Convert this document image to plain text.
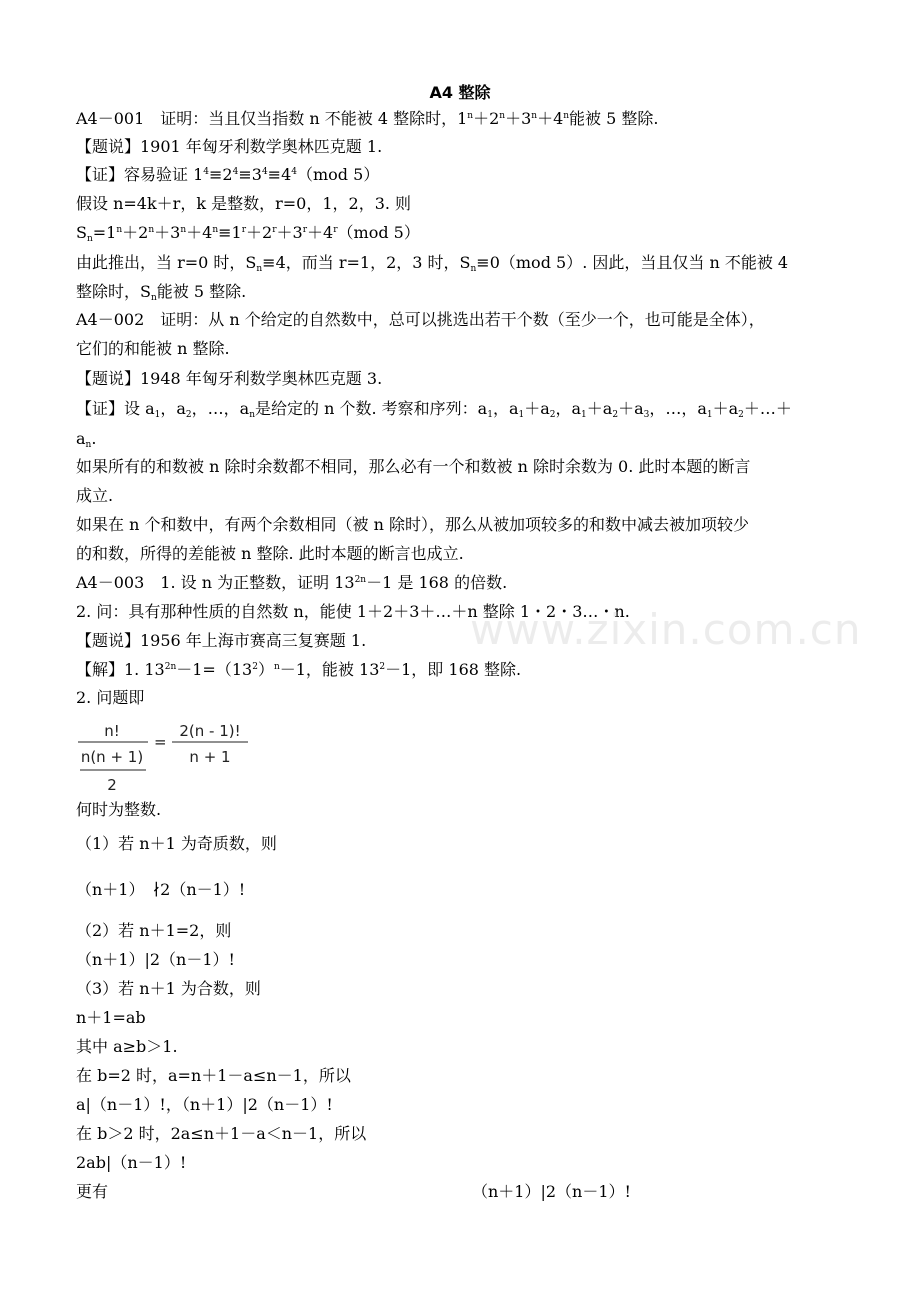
A4 整除
A4－001　证明：当且仅当指数 n 不能被 4 整除时，$1^n+2^n+3^n+4^n$能被 5 整除.
【题说】1901 年匈牙利数学奥林匹克题 1.
【证】容易验证 $1^4\equiv 2^4\equiv 3^4\equiv 4^4(mod$ 5）
假设 n=4k＋r，k 是整数，r=0，1，2，3. 则
$S_n=1^n+2^n+3^n+4^n\equiv 1^r+2^r+3^r+4^r(mod$ 5）
由此推出，当 r=0 时，$S_n\equiv 4$，而当 r=1，2，3 时，$S_n\equiv 0(mod$ 5）. 因此，当且仅当 n 不能被 4
整除时，$S_n$能被 5 整除.
A4－002　证明：从 n 个给定的自然数中，总可以挑选出若干个数（至少一个，也可能是全体），
它们的和能被 n 整除.
【题说】1948 年匈牙利数学奥林匹克题 3.
【证】设 $a_1$，$a_2$，…，$a_n$是给定的 n 个数. 考察和序列：$a_1$，$a_1+a_2$，$a_1+a_2+a_3$，…，$a_1+a_2+\dots+$
$a_n$.
如果所有的和数被 n 除时余数都不相同，那么必有一个和数被 n 除时余数为 0. 此时本题的断言
成立.
如果在 n 个和数中，有两个余数相同（被 n 除时），那么从被加项较多的和数中减去被加项较少
的和数，所得的差能被 n 整除. 此时本题的断言也成立.
A4－003　1. 设 n 为正整数，证明 $13^{2n}-1$ 是 168 的倍数.
2. 问：具有那种性质的自然数 n，能使 1＋2＋3＋…＋n 整除 1・2・3…・n.
【题说】1956 年上海市赛高三复赛题 1.
【解】1. $13^{2n}-1=(13^2)^n-1$，能被 $13^2-1$，即 168 整除.
2. 问题即
何时为整数.
（1）若 n＋1 为奇质数，则
（n＋1）　∤2（n－1）!
（2）若 n＋1=2，则
（n＋1）|2（n－1）!
（3）若 n＋1 为合数，则
n＋1=ab
其中 a≥b＞1.
在 b=2 时，a=n＋1－a≤n－1，所以
a|（n－1）!，（n＋1）|2（n－1）!
在 b＞2 时，2a≤n＋1－a＜n－1，所以
2ab|（n－1）!
更有	（n＋1）|2（n－1）!
n!
n(n + 1)
2
=
2(n - 1)!
n + 1
www.zixin.com.cn
